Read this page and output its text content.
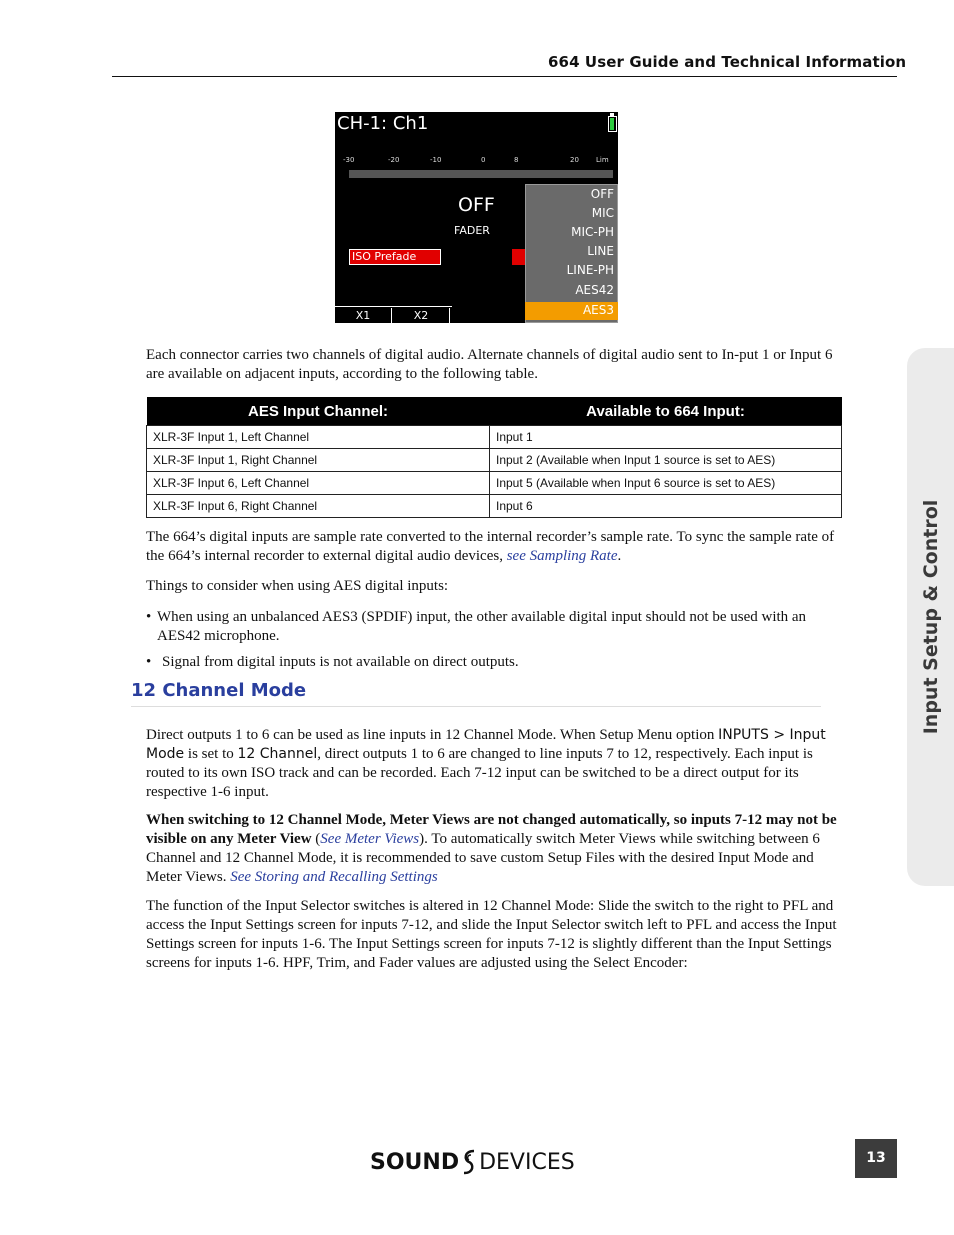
664 User Guide and Technical Information
CH-1: Ch1
-30	-20	-10	0	8	20 Lim
OFF
FADER
ISO Prefade
X1	X2
OFF
MIC
MIC-PH
LINE
LINE-PH
AES42
AES3
Each connector carries two channels of digital audio. Alternate channels of digital audio sent to In-put 1 or Input 6 are available on adjacent inputs, according to the following table.
AES Input Channel:	Available to 664 Input:
XLR-3F Input 1, Left Channel	Input 1
XLR-3F Input 1, Right Channel	Input 2 (Available when Input 1 source is set to AES)
XLR-3F Input 6, Left Channel	Input 5 (Available when Input 6 source is set to AES)
XLR-3F Input 6, Right Channel	Input 6
The 664’s digital inputs are sample rate converted to the internal recorder’s sample rate. To sync the sample rate of the 664’s internal recorder to external digital audio devices, see Sampling Rate.
Things to consider when using AES digital inputs:
• When using an unbalanced AES3 (SPDIF) input, the other available digital input should not be used with an AES42 microphone.
• Signal from digital inputs is not available on direct outputs.
12 Channel Mode
Direct outputs 1 to 6 can be used as line inputs in 12 Channel Mode. When Setup Menu option INPUTS > Input Mode is set to 12 Channel, direct outputs 1 to 6 are changed to line inputs 7 to 12, respectively. Each input is routed to its own ISO track and can be recorded. Each 7-12 input can be switched to be a direct output for its respective 1-6 input.
When switching to 12 Channel Mode, Meter Views are not changed automatically, so inputs 7-12 may not be visible on any Meter View (See Meter Views). To automatically switch Meter Views while switching between 6 Channel and 12 Channel Mode, it is recommended to save custom Setup Files with the desired Input Mode and Meter Views. See Storing and Recalling Settings
The function of the Input Selector switches is altered in 12 Channel Mode: Slide the switch to the right to PFL and access the Input Settings screen for inputs 7-12, and slide the Input Selector switch left to PFL and access the Input Settings screen for inputs 1-6. The Input Settings screen for inputs 7-12 is slightly different than the Input Settings screens for inputs 1-6. HPF, Trim, and Fader values are adjusted using the Select Encoder:
Input Setup & Control
SOUND DEVICES	13
